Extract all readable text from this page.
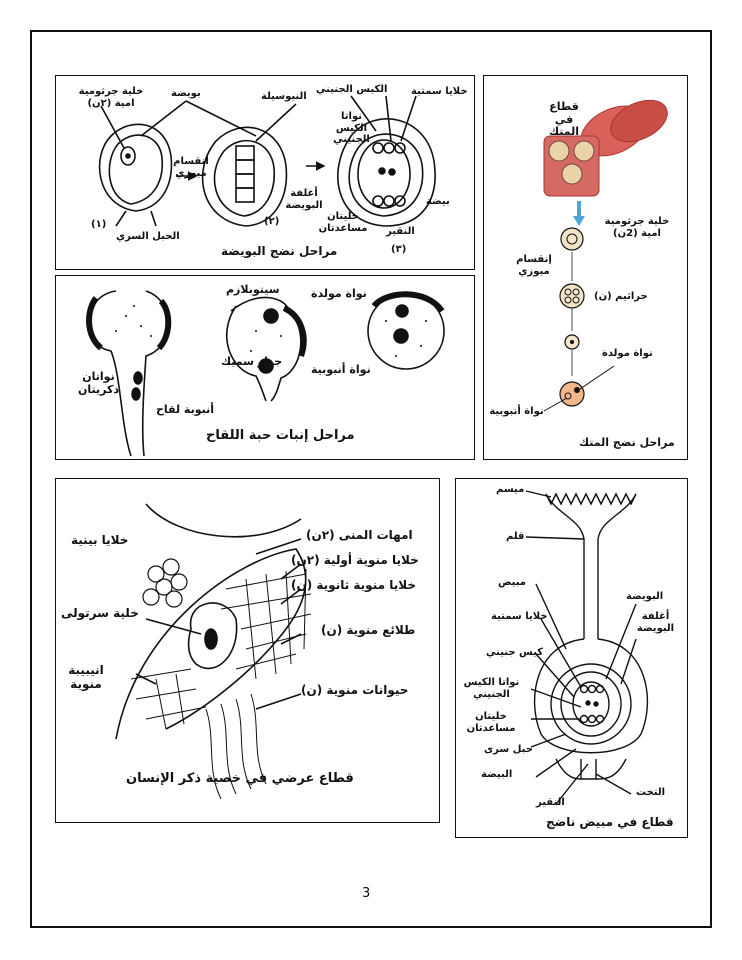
خلية جرثومية امية (٢ن)
بويضة	النيوسيلة
الكيس الجنيني خلايا سمتية
نواتا الكيس الجنيني
انقسام ميوزي
أغلفة البويضة
الحبل السري
(١)	(٢)	خليتان مساعدتان النقير
(٣)
بيضة
مراحل نضج البويضة
قطاع في المتك
خلية جرثومية امية (2ن)
إنقسام ميوزي
جراثيم (ن)
نواة مولدة
نواة أنبوبية
مراحل نضج المتك
سيتوبلازم	نواة مولدة
جدار سميك
نواة أنبوبية
نواتان ذكريتان
أنبوبة لقاح
مراحل إنبات حبة اللقاح
خلايا بينية
خلية سرتولى
انيبيبة منوية
امهات المنى (٢ن)
خلايا منوية أولية (٢ن)
خلايا منوية ثانوية (ن)
طلائع منوية (ن)
حيوانات منوية (ن)
قطاع عرضي في خصية ذكر الإنسان
ميسم
قلم
مبيض
خلايا سمتية
كيس جنيني
نواتا الكيس الجنيني
خليتان مساعدتان
حبل سرى
البيضة
البويضة
أغلفة البويضة
النقير
التخت
قطاع في مبيض ناضج
3
